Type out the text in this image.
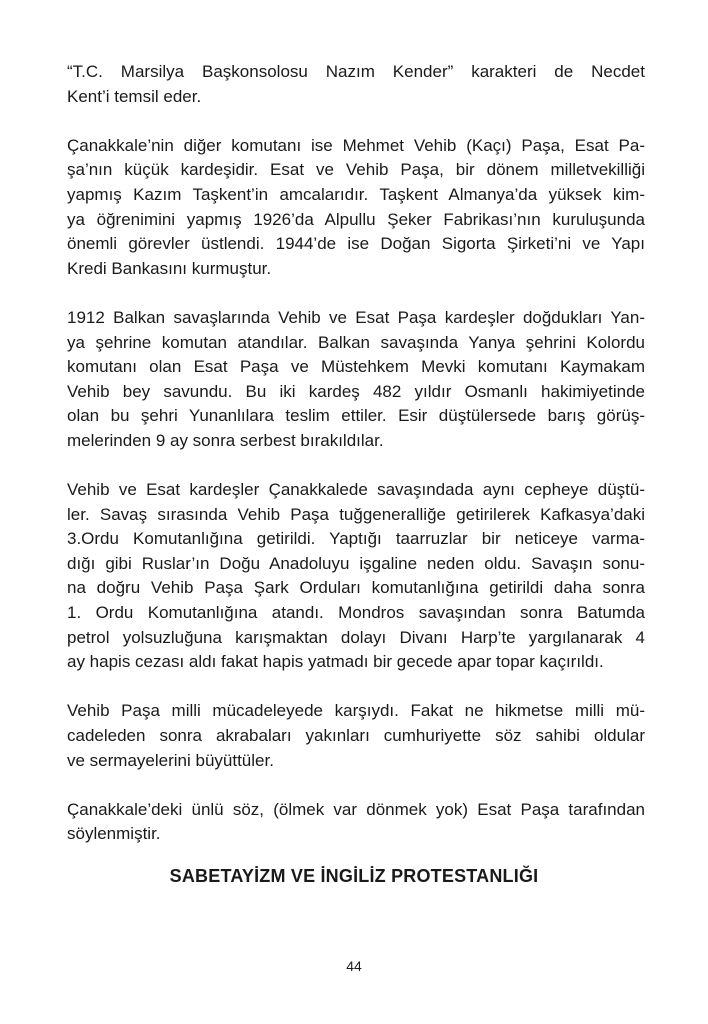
“T.C. Marsilya Başkonsolosu Nazım Kender” karakteri de Necdet
Kent’i temsil eder.
Çanakkale’nin diğer komutanı ise Mehmet Vehib (Kaçı) Paşa, Esat Pa-
şa’nın küçük kardeşidir. Esat ve Vehib Paşa, bir dönem milletvekilliği
yapmış Kazım Taşkent’in amcalarıdır. Taşkent Almanya’da yüksek kim-
ya öğrenimini yapmış 1926’da Alpullu Şeker Fabrikası’nın kuruluşunda
önemli görevler üstlendi. 1944’de ise Doğan Sigorta Şirketi’ni ve Yapı
Kredi Bankasını kurmuştur.
1912 Balkan savaşlarında Vehib ve Esat Paşa kardeşler doğdukları Yan-
ya şehrine komutan atandılar. Balkan savaşında Yanya şehrini Kolordu
komutanı olan Esat Paşa ve Müstehkem Mevki komutanı Kaymakam
Vehib bey savundu. Bu iki kardeş 482 yıldır Osmanlı hakimiyetinde
olan bu şehri Yunanlılara teslim ettiler. Esir düştülersede barış görüş-
melerinden 9 ay sonra serbest bırakıldılar.
Vehib ve Esat kardeşler Çanakkalede savaşındada aynı cepheye düştü-
ler. Savaş sırasında Vehib Paşa tuğgeneralliğe getirilerek Kafkasya’daki
3.Ordu Komutanlığına getirildi. Yaptığı taarruzlar bir neticeye varma-
dığı gibi Ruslar’ın Doğu Anadoluyu işgaline neden oldu. Savaşın sonu-
na doğru Vehib Paşa Şark Orduları komutanlığına getirildi daha sonra
1. Ordu Komutanlığına atandı. Mondros savaşından sonra Batumda
petrol yolsuzluğuna karışmaktan dolayı Divanı Harp’te yargılanarak 4
ay hapis cezası aldı fakat hapis yatmadı bir gecede apar topar kaçırıldı.
Vehib Paşa milli mücadeleyede karşıydı. Fakat ne hikmetse milli mü-
cadeleden sonra akrabaları yakınları cumhuriyette söz sahibi oldular
ve sermayelerini büyüttüler.
Çanakkale’deki ünlü söz, (ölmek var dönmek yok) Esat Paşa tarafından
söylenmiştir.
SABETAYİZM VE İNGİLİZ PROTESTANLIĞI
44
